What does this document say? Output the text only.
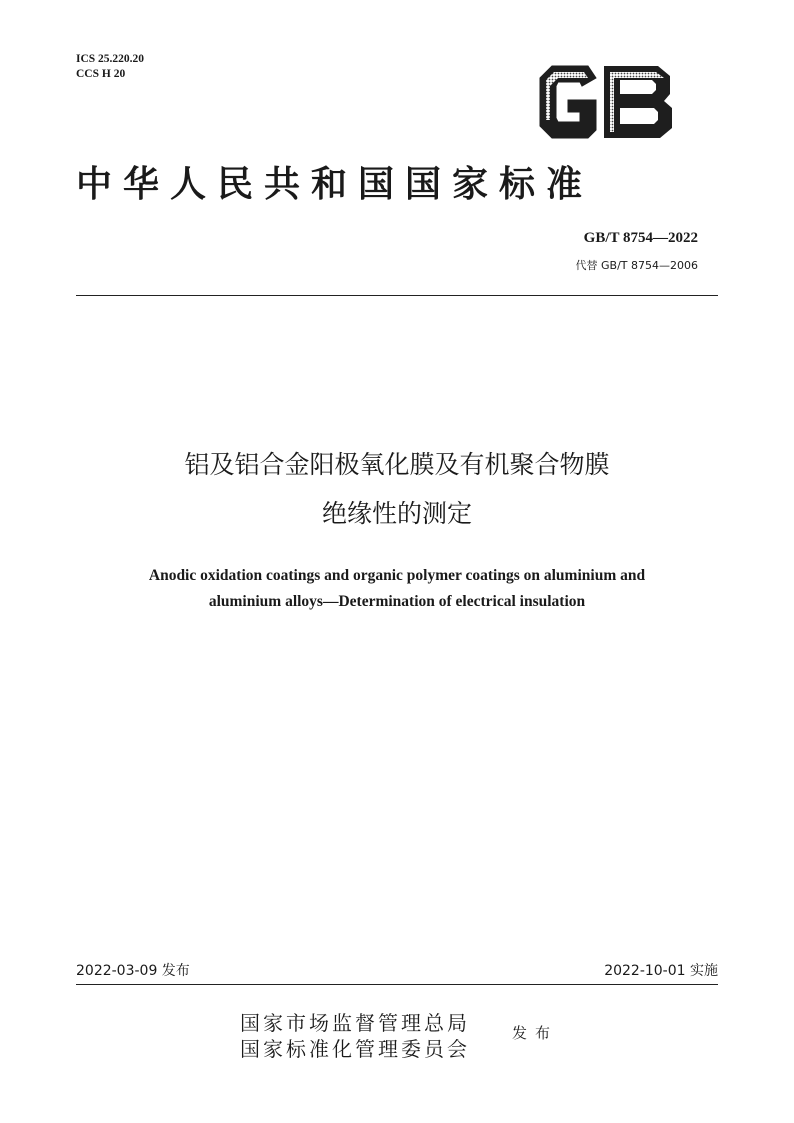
ICS 25.220.20
CCS H 20
中华人民共和国国家标准
GB/T 8754—2022
代替 GB/T 8754—2006
铝及铝合金阳极氧化膜及有机聚合物膜
绝缘性的测定
Anodic oxidation coatings and organic polymer coatings on aluminium and
aluminium alloys—Determination of electrical insulation
2022-03-09 发布	2022-10-01 实施
国家市场监督管理总局
国家标准化管理委员会
发布
